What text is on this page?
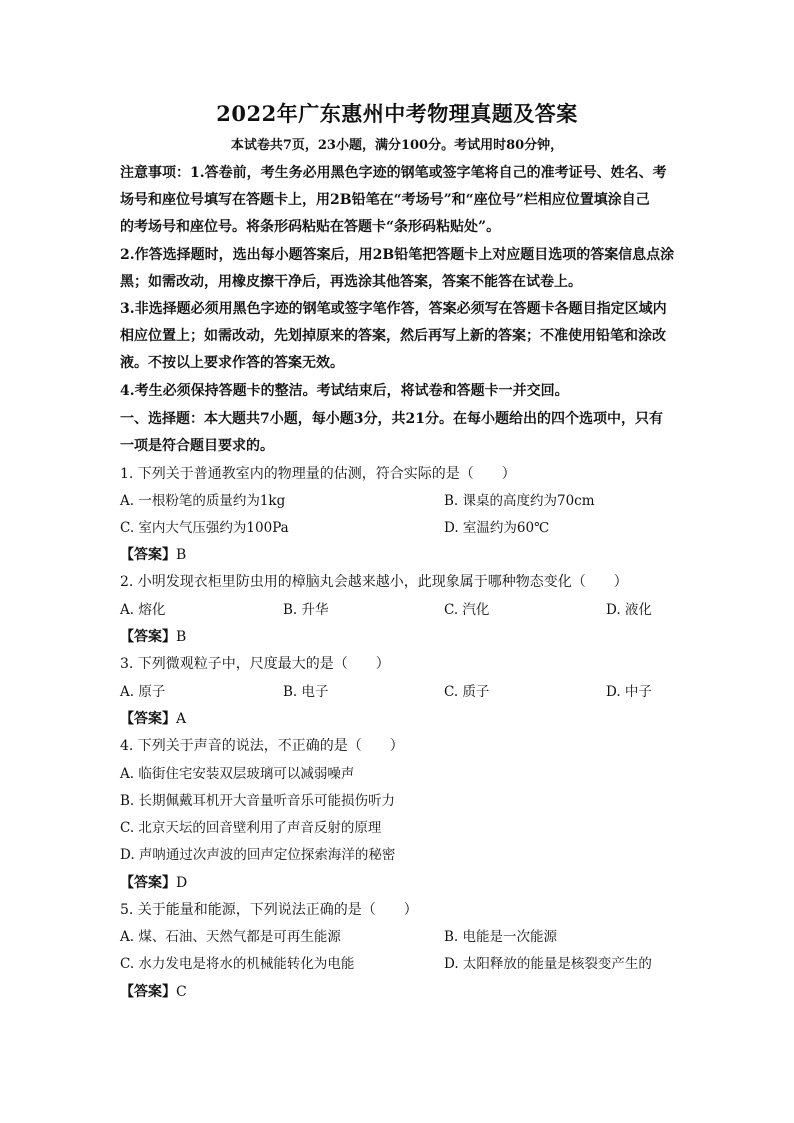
2022年广东惠州中考物理真题及答案
本试卷共7页，23小题，满分100分。考试用时80分钟，
注意事项：1.答卷前，考生务必用黑色字迹的钢笔或签字笔将自己的准考证号、姓名、考
场号和座位号填写在答题卡上，用2B铅笔在“考场号”和“座位号”栏相应位置填涂自己
的考场号和座位号。将条形码粘贴在答题卡“条形码粘贴处”。
2.作答选择题时，选出每小题答案后，用2B铅笔把答题卡上对应题目选项的答案信息点涂
黑；如需改动，用橡皮擦干净后，再选涂其他答案，答案不能答在试卷上。
3.非选择题必须用黑色字迹的钢笔或签字笔作答，答案必须写在答题卡各题目指定区域内
相应位置上；如需改动，先划掉原来的答案，然后再写上新的答案；不准使用铅笔和涂改
液。不按以上要求作答的答案无效。
4.考生必须保持答题卡的整洁。考试结束后，将试卷和答题卡一并交回。
一、选择题：本大题共7小题，每小题3分，共21分。在每小题给出的四个选项中，只有
一项是符合题目要求的。
1. 下列关于普通教室内的物理量的估测，符合实际的是（　　）
A. 一根粉笔的质量约为1kg	B. 课桌的高度约为70cm
C. 室内大气压强约为100Pa	D. 室温约为60℃
【答案】B
2. 小明发现衣柜里防虫用的樟脑丸会越来越小，此现象属于哪种物态变化（　　）
A. 熔化	B. 升华	C. 汽化	D. 液化
【答案】B
3. 下列微观粒子中，尺度最大的是（　　）
A. 原子	B. 电子	C. 质子	D. 中子
【答案】A
4. 下列关于声音的说法，不正确的是（　　）
A. 临街住宅安装双层玻璃可以减弱噪声
B. 长期佩戴耳机开大音量听音乐可能损伤听力
C. 北京天坛的回音壁利用了声音反射的原理
D. 声呐通过次声波的回声定位探索海洋的秘密
【答案】D
5. 关于能量和能源，下列说法正确的是（　　）
A. 煤、石油、天然气都是可再生能源	B. 电能是一次能源
C. 水力发电是将水的机械能转化为电能	D. 太阳释放的能量是核裂变产生的
【答案】C
